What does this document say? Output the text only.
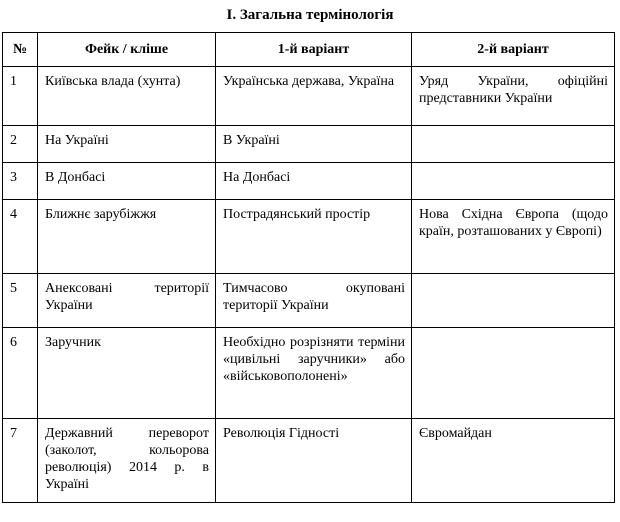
І. Загальна термінологія
№	Фейк / кліше	1-й варіант	2-й варіант
1	Київська влада (хунта)	Українська держава, Україна	Уряд України, офіційні представники України
2	На Україні	В Україні	
3	В Донбасі	На Донбасі	
4	Ближнє зарубіжжя	Пострадянський простір	Нова Східна Європа (щодо країн, розташованих у Європі)
5	Анексовані території України	Тимчасово окуповані території України	
6	Заручник	Необхідно розрізняти терміни «цивільні заручники» або «військовополонені»	
7	Державний переворот (заколот, кольорова революція) 2014 р. в Україні	Революція Гідності	Євромайдан
